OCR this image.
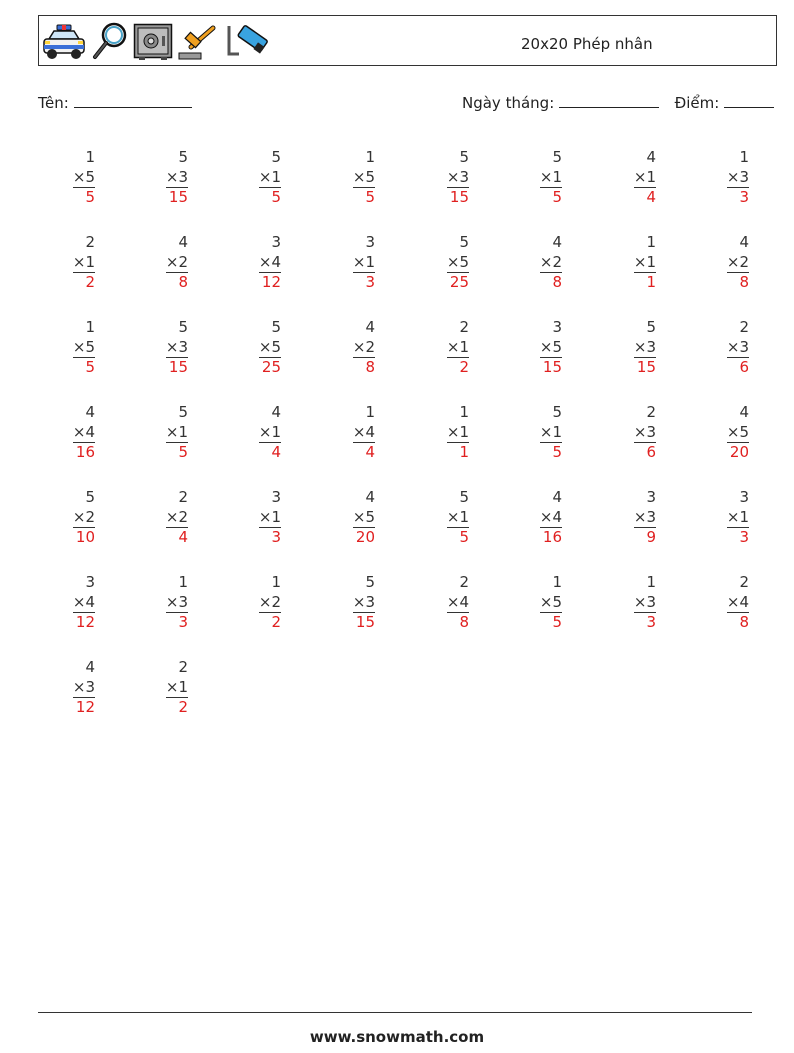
20x20 Phép nhân
Tên:	Ngày tháng:	Điểm:
1
×5
5
5
×3
15
5
×1
5
1
×5
5
5
×3
15
5
×1
5
4
×1
4
1
×3
3
2
×1
2
4
×2
8
3
×4
12
3
×1
3
5
×5
25
4
×2
8
1
×1
1
4
×2
8
1
×5
5
5
×3
15
5
×5
25
4
×2
8
2
×1
2
3
×5
15
5
×3
15
2
×3
6
4
×4
16
5
×1
5
4
×1
4
1
×4
4
1
×1
1
5
×1
5
2
×3
6
4
×5
20
5
×2
10
2
×2
4
3
×1
3
4
×5
20
5
×1
5
4
×4
16
3
×3
9
3
×1
3
3
×4
12
1
×3
3
1
×2
2
5
×3
15
2
×4
8
1
×5
5
1
×3
3
2
×4
8
4
×3
12
2
×1
2
www.snowmath.com
